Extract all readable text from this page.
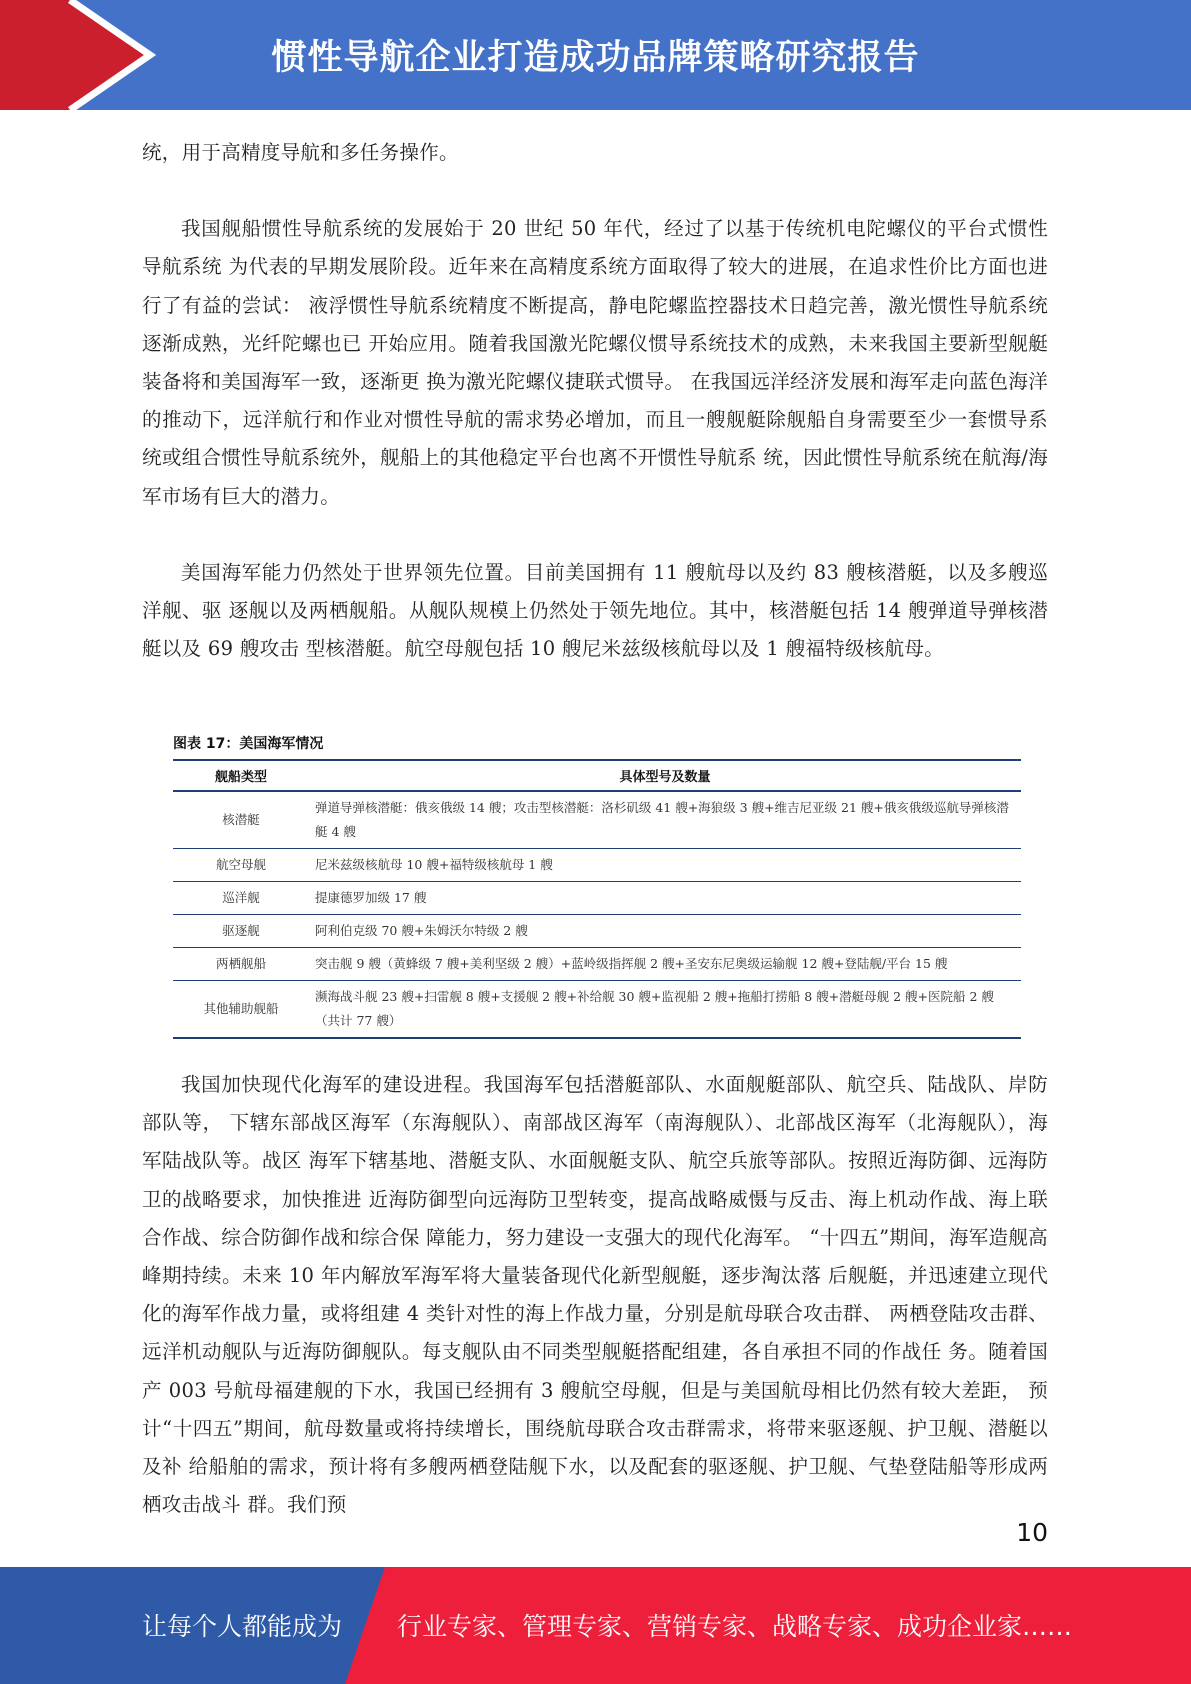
惯性导航企业打造成功品牌策略研究报告

统，用于高精度导航和多任务操作。

我国舰船惯性导航系统的发展始于 20 世纪 50 年代，经过了以基于传统机电陀螺仪的平台式惯性导航系统 为代表的早期发展阶段。近年来在高精度系统方面取得了较大的进展，在追求性价比方面也进行了有益的尝试： 液浮惯性导航系统精度不断提高，静电陀螺监控器技术日趋完善，激光惯性导航系统逐渐成熟，光纤陀螺也已 开始应用。随着我国激光陀螺仪惯导系统技术的成熟，未来我国主要新型舰艇装备将和美国海军一致，逐渐更 换为激光陀螺仪捷联式惯导。 在我国远洋经济发展和海军走向蓝色海洋的推动下，远洋航行和作业对惯性导航的需求势必增加，而且一艘舰艇除舰船自身需要至少一套惯导系统或组合惯性导航系统外，舰船上的其他稳定平台也离不开惯性导航系 统，因此惯性导航系统在航海/海军市场有巨大的潜力。

美国海军能力仍然处于世界领先位置。目前美国拥有 11 艘航母以及约 83 艘核潜艇，以及多艘巡洋舰、驱 逐舰以及两栖舰船。从舰队规模上仍然处于领先地位。其中，核潜艇包括 14 艘弹道导弹核潜艇以及 69 艘攻击 型核潜艇。航空母舰包括 10 艘尼米兹级核航母以及 1 艘福特级核航母。

图表 17：美国海军情况
舰船类型	具体型号及数量
核潜艇	弹道导弹核潜艇：俄亥俄级 14 艘；攻击型核潜艇：洛杉矶级 41 艘+海狼级 3 艘+维吉尼亚级 21 艘+俄亥俄级巡航导弹核潜艇 4 艘
航空母舰	尼米兹级核航母 10 艘+福特级核航母 1 艘
巡洋舰	提康德罗加级 17 艘
驱逐舰	阿利伯克级 70 艘+朱姆沃尔特级 2 艘
两栖舰船	突击舰 9 艘（黄蜂级 7 艘+美利坚级 2 艘）+蓝岭级指挥舰 2 艘+圣安东尼奥级运输舰 12 艘+登陆舰/平台 15 艘
其他辅助舰船	濒海战斗舰 23 艘+扫雷舰 8 艘+支援舰 2 艘+补给舰 30 艘+监视船 2 艘+拖船打捞船 8 艘+潜艇母舰 2 艘+医院船 2 艘（共计 77 艘）

我国加快现代化海军的建设进程。我国海军包括潜艇部队、水面舰艇部队、航空兵、陆战队、岸防部队等， 下辖东部战区海军（东海舰队）、南部战区海军（南海舰队）、北部战区海军（北海舰队），海军陆战队等。战区 海军下辖基地、潜艇支队、水面舰艇支队、航空兵旅等部队。按照近海防御、远海防卫的战略要求，加快推进 近海防御型向远海防卫型转变，提高战略威慑与反击、海上机动作战、海上联合作战、综合防御作战和综合保 障能力，努力建设一支强大的现代化海军。 “十四五”期间，海军造舰高峰期持续。未来 10 年内解放军海军将大量装备现代化新型舰艇，逐步淘汰落 后舰艇，并迅速建立现代化的海军作战力量，或将组建 4 类针对性的海上作战力量，分别是航母联合攻击群、 两栖登陆攻击群、远洋机动舰队与近海防御舰队。每支舰队由不同类型舰艇搭配组建，各自承担不同的作战任 务。随着国产 003 号航母福建舰的下水，我国已经拥有 3 艘航空母舰，但是与美国航母相比仍然有较大差距， 预计“十四五”期间，航母数量或将持续增长，围绕航母联合攻击群需求，将带来驱逐舰、护卫舰、潜艇以及补 给船舶的需求，预计将有多艘两栖登陆舰下水，以及配套的驱逐舰、护卫舰、气垫登陆船等形成两栖攻击战斗 群。我们预

10
让每个人都能成为 行业专家、管理专家、营销专家、战略专家、成功企业家……
